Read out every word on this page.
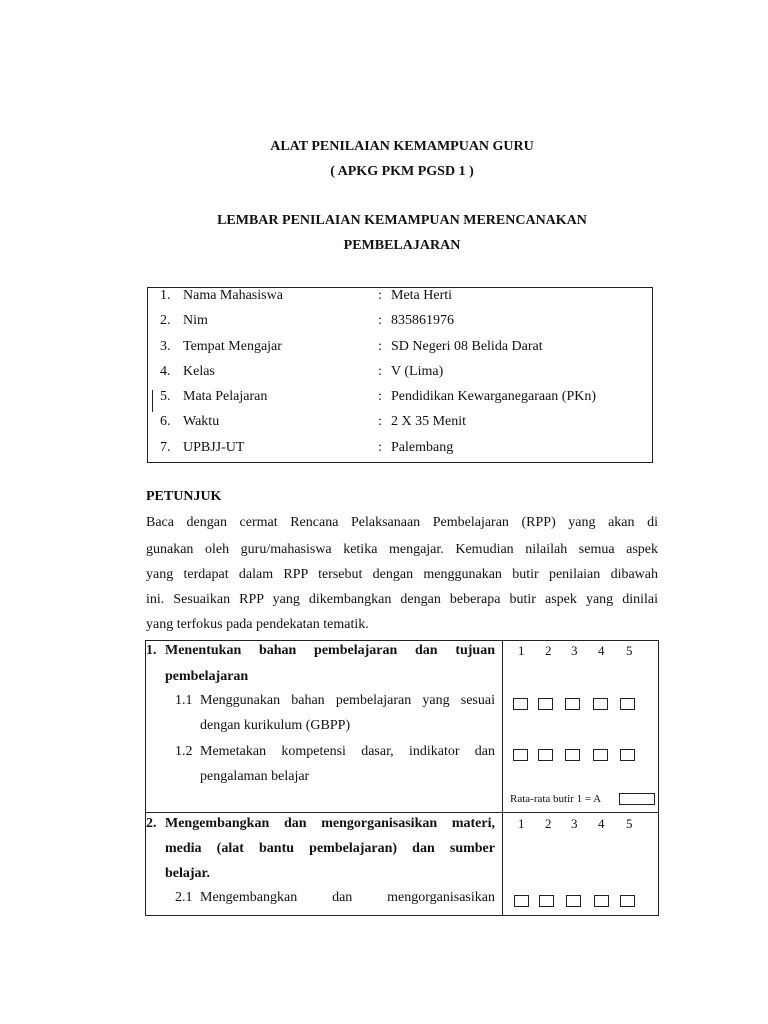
ALAT PENILAIAN KEMAMPUAN GURU
( APKG PKM PGSD 1 )
LEMBAR PENILAIAN KEMAMPUAN MERENCANAKAN
PEMBELAJARAN
1. Nama Mahasiswa	: Meta Herti
2. Nim	: 835861976
3. Tempat Mengajar	: SD Negeri 08 Belida Darat
4. Kelas	: V (Lima)
5. Mata Pelajaran	: Pendidikan Kewarganegaraan (PKn)
6. Waktu	: 2 X 35 Menit
7. UPBJJ-UT	: Palembang
PETUNJUK
Baca dengan cermat Rencana Pelaksanaan Pembelajaran (RPP) yang akan di
gunakan oleh guru/mahasiswa ketika mengajar. Kemudian nilailah semua aspek
yang terdapat dalam RPP tersebut dengan menggunakan butir penilaian dibawah
ini. Sesuaikan RPP yang dikembangkan dengan beberapa butir aspek yang dinilai
yang terfokus pada pendekatan tematik.
1. Menentukan bahan pembelajaran dan tujuan
pembelajaran
1.1 Menggunakan bahan pembelajaran yang sesuai
dengan kurikulum (GBPP)
1.2 Memetakan kompetensi dasar, indikator dan
pengalaman belajar
1 2 3 4 5
Rata-rata butir 1 = A
2. Mengembangkan dan mengorganisasikan materi,
media (alat bantu pembelajaran) dan sumber
belajar.
2.1 Mengembangkan dan mengorganisasikan
1 2 3 4 5
